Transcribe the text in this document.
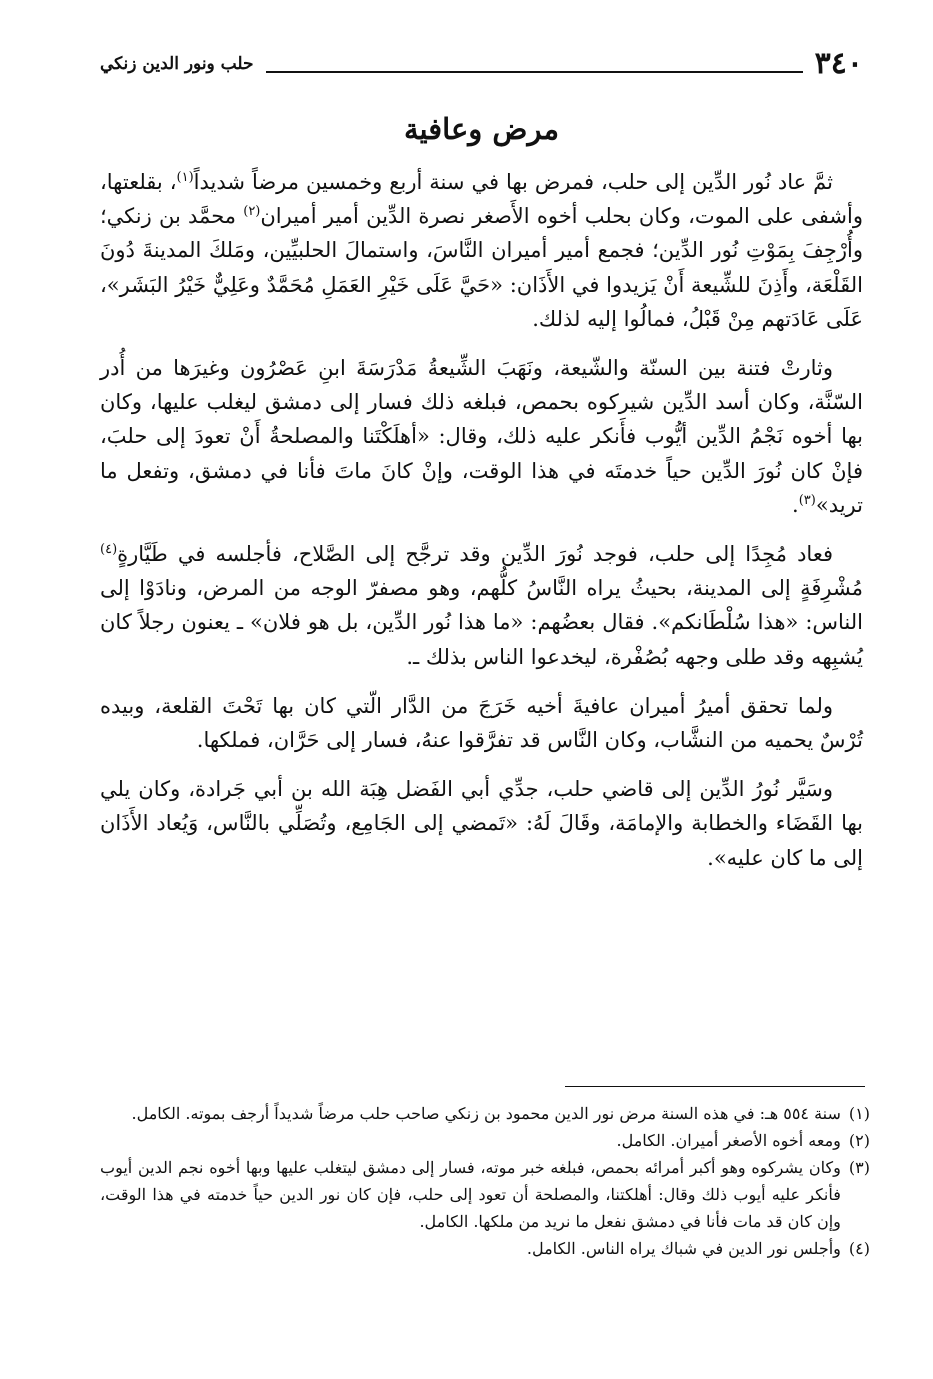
٣٤٠
حلب ونور الدين زنكي
مرض وعافية

ثمَّ عاد نُور الدِّين إلى حلب، فمرض بها في سنة أربع وخمسين مرضاً شديداً$^{(١)}$، بقلعتها، وأشفى على الموت، وكان بحلب أخوه الأَصغر نصرة الدِّين أمير أميران$^{(٢)}$ محمَّد بن زنكي؛ وأُرْجِفَ بِمَوْتِ نُور الدِّين؛ فجمع أمير أميران النَّاسَ، واستمالَ الحلبيِّين، ومَلكَ المدينةَ دُونَ القَلْعَة، وأَذِنَ للشِّيعة أَنْ يَزيدوا في الأَذَان: «حَيَّ عَلَى خَيْرِ العَمَلِ مُحَمَّدٌ وعَلِيٌّ خَيْرُ البَشَر»، عَلَى عَادَتهم مِنْ قَبْلُ، فمالُوا إليه لذلك.

وثارتْ فتنة بين السنّة والشّيعة، ونَهَبَ الشِّيعةُ مَدْرَسَةَ ابنِ عَصْرُون وغيرَها من أُدر السّنَّة، وكان أسد الدِّين شيركوه بحمص، فبلغه ذلك فسار إلى دمشق ليغلب عليها، وكان بها أخوه نَجْمُ الدِّين أيُّوب فأَنكر عليه ذلك، وقال: «أهلَكْتَنا والمصلحةُ أَنْ تعودَ إلى حلبَ، فإنْ كان نُورَ الدِّين حياً خدمتَه في هذا الوقت، وإنْ كانَ ماتَ فأنا في دمشق، وتفعل ما تريد»$^{(٣)}$.

فعاد مُجِدًا إلى حلب، فوجد نُورَ الدِّين وقد ترجَّح إلى الصَّلاح، فأجلسه في طَيَّارةٍ$^{(٤)}$ مُشْرِفَةٍ إلى المدينة، بحيثُ يراه النَّاسُ كلُّهم، وهو مصفرّ الوجه من المرض، ونادَوْا إلى الناس: «هذا سُلْطَانكم». فقال بعضُهم: «ما هذا نُور الدِّين، بل هو فلان» ـ يعنون رجلاً كان يُشبِهه وقد طلى وجهه بُصُفْرة، ليخدعوا الناس بذلك ـ.

ولما تحقق أميرُ أميران عافيةَ أخيه خَرَجَ من الدَّار الّتي كان بها تَحْتَ القلعة، وبيده تُرْسٌ يحميه من النشَّاب، وكان النَّاس قد تفرَّقوا عنهُ، فسار إلى حَرَّان، فملكها.

وسَيَّر نُورُ الدِّين إلى قاضي حلب، جدِّي أبي الفَضل هِبَة الله بن أبي جَرادة، وكان يلي بها القَضَاء والخطابة والإمامَة، وقَالَ لَهُ: «تَمضي إلى الجَامِع، وتُصَلِّي بالنَّاس، وَيُعاد الأَذَان إلى ما كان عليه».

(١)
سنة ٥٥٤ هـ: في هذه السنة مرض نور الدين محمود بن زنكي صاحب حلب مرضاً شديداً أرجف بموته. الكامل.

(٢)
ومعه أخوه الأصغر أميران. الكامل.

(٣)
وكان يشركوه وهو أكبر أمرائه بحمص، فبلغه خبر موته، فسار إلى دمشق ليتغلب عليها وبها أخوه نجم الدين أيوب فأنكر عليه أيوب ذلك وقال: أهلكتنا، والمصلحة أن تعود إلى حلب، فإن كان نور الدين حياً خدمته في هذا الوقت، وإن كان قد مات فأنا في دمشق نفعل ما نريد من ملكها. الكامل.

(٤)
وأجلس نور الدين في شباك يراه الناس. الكامل.
